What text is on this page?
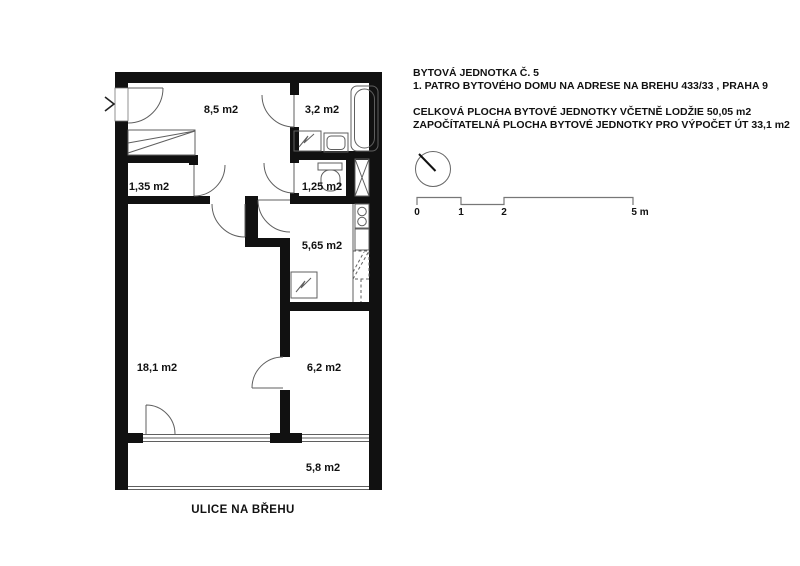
8,5 m2	3,2 m2
1,35 m2	1,25 m2
5,65 m2
18,1 m2	6,2 m2
5,8 m2
ULICE NA BŘEHU
BYTOVÁ JEDNOTKA Č. 5
1. PATRO BYTOVÉHO DOMU NA ADRESE NA BREHU 433/33 , PRAHA 9
CELKOVÁ PLOCHA BYTOVÉ JEDNOTKY VČETNĚ LODŽIE 50,05 m2
ZAPOČÍTATELNÁ PLOCHA BYTOVÉ JEDNOTKY PRO VÝPOČET ÚT 33,1 m2
0	1	2	5 m
